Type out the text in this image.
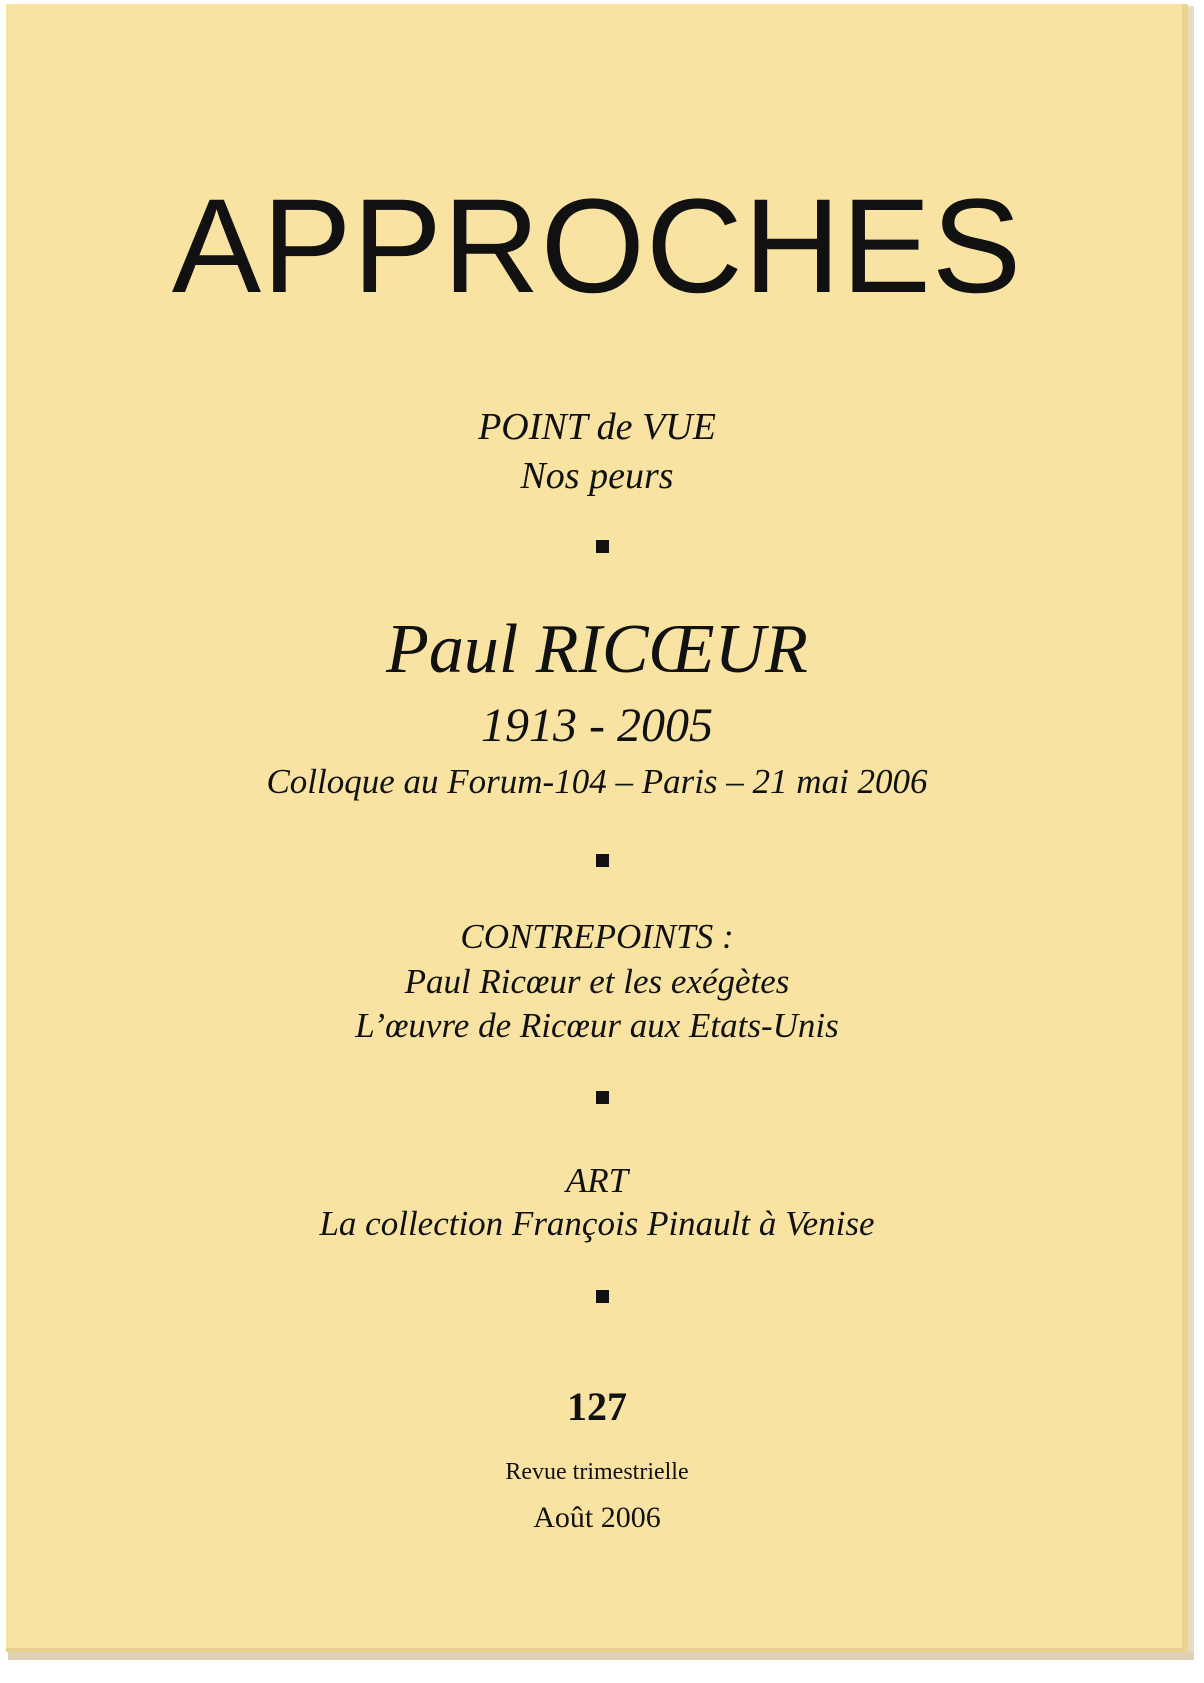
APPROCHES
POINT de VUE
Nos peurs
Paul RICŒUR
1913 - 2005
Colloque au Forum-104 – Paris – 21 mai 2006
CONTREPOINTS :
Paul Ricœur et les exégètes
L’œuvre de Ricœur aux Etats-Unis
ART
La collection François Pinault à Venise
127
Revue trimestrielle
Août 2006
